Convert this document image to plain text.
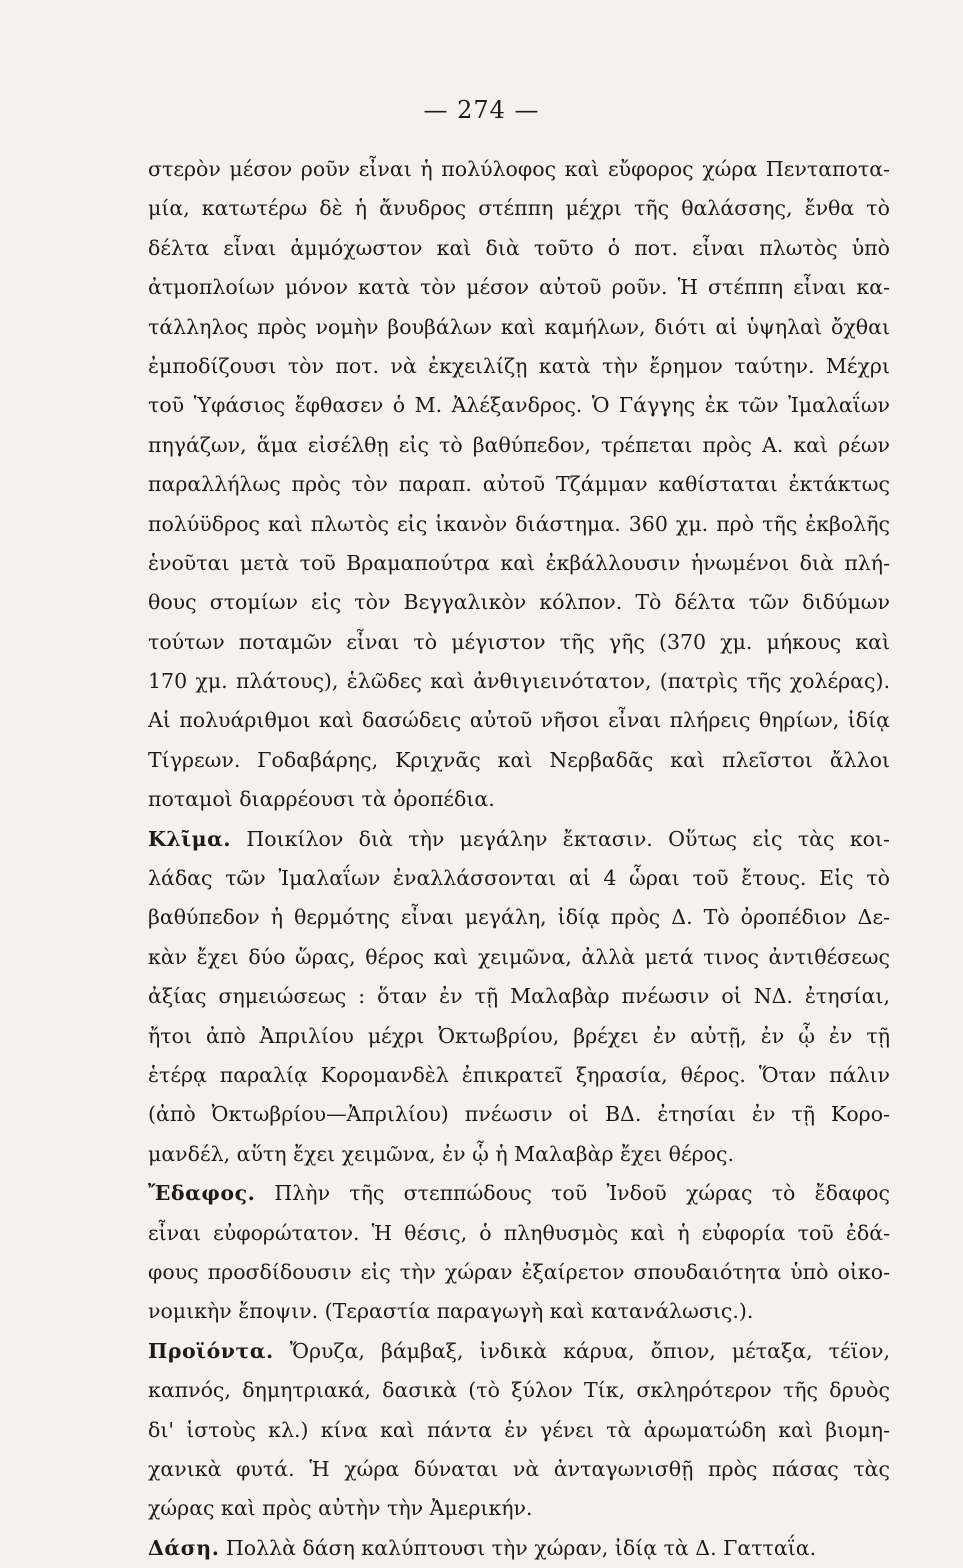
— 274 —
στερὸν μέσον ροῦν εἶναι ἡ πολύλοφος καὶ εὔφορος χώρα Πενταποτα-
μία, κατωτέρω δὲ ἡ ἄνυδρος στέππη μέχρι τῆς θαλάσσης, ἔνθα τὸ
δέλτα εἶναι ἀμμόχωστον καὶ διὰ τοῦτο ὁ ποτ. εἶναι πλωτὸς ὑπὸ
ἀτμοπλοίων μόνον κατὰ τὸν μέσον αὐτοῦ ροῦν. Ἡ στέππη εἶναι κα-
τάλληλος πρὸς νομὴν βουβάλων καὶ καμήλων, διότι αἱ ὑψηλαὶ ὄχθαι
ἐμποδίζουσι τὸν ποτ. νὰ ἐκχειλίζῃ κατὰ τὴν ἔρημον ταύτην. Μέχρι
τοῦ Ὑφάσιος ἔφθασεν ὁ Μ. Ἀλέξανδρος. Ὁ Γάγγης ἐκ τῶν Ἰμαλαΐων
πηγάζων, ἅμα εἰσέλθῃ εἰς τὸ βαθύπεδον, τρέπεται πρὸς Α. καὶ ρέων
παραλλήλως πρὸς τὸν παραπ. αὐτοῦ Τζάμμαν καθίσταται ἐκτάκτως
πολύϋδρος καὶ πλωτὸς εἰς ἱκανὸν διάστημα. 360 χμ. πρὸ τῆς ἐκβολῆς
ἑνοῦται μετὰ τοῦ Βραμαπούτρα καὶ ἐκβάλλουσιν ἡνωμένοι διὰ πλή-
θους στομίων εἰς τὸν Βεγγαλικὸν κόλπον. Τὸ δέλτα τῶν διδύμων
τούτων ποταμῶν εἶναι τὸ μέγιστον τῆς γῆς (370 χμ. μήκους καὶ
170 χμ. πλάτους), ἑλῶδες καὶ ἀνθιγιεινότατον, (πατρὶς τῆς χολέρας).
Αἱ πολυάριθμοι καὶ δασώδεις αὐτοῦ νῆσοι εἶναι πλήρεις θηρίων, ἰδίᾳ
Τίγρεων. Γοδαβάρης, Κριχνᾶς καὶ Νερβαδᾶς καὶ πλεῖστοι ἄλλοι
ποταμοὶ διαρρέουσι τὰ ὀροπέδια.
Κλῖμα. Ποικίλον διὰ τὴν μεγάλην ἔκτασιν. Οὕτως εἰς τὰς κοι-
λάδας τῶν Ἰμαλαΐων ἐναλλάσσονται αἱ 4 ὧραι τοῦ ἔτους. Εἰς τὸ
βαθύπεδον ἡ θερμότης εἶναι μεγάλη, ἰδίᾳ πρὸς Δ. Τὸ ὀροπέδιον Δε-
κὰν ἔχει δύο ὥρας, θέρος καὶ χειμῶνα, ἀλλὰ μετά τινος ἀντιθέσεως
ἀξίας σημειώσεως : ὅταν ἐν τῇ Μαλαβὰρ πνέωσιν οἱ ΝΔ. ἐτησίαι,
ἤτοι ἀπὸ Ἀπριλίου μέχρι Ὀκτωβρίου, βρέχει ἐν αὐτῇ, ἐν ᾧ ἐν τῇ
ἑτέρᾳ παραλίᾳ Κορομανδὲλ ἐπικρατεῖ ξηρασία, θέρος. Ὅταν πάλιν
(ἀπὸ Ὀκτωβρίου—Ἀπριλίου) πνέωσιν οἱ ΒΔ. ἐτησίαι ἐν τῇ Κορο-
μανδέλ, αὕτη ἔχει χειμῶνα, ἐν ᾧ ἡ Μαλαβὰρ ἔχει θέρος.
Ἔδαφος. Πλὴν τῆς στεππώδους τοῦ Ἰνδοῦ χώρας τὸ ἔδαφος
εἶναι εὐφορώτατον. Ἡ θέσις, ὁ πληθυσμὸς καὶ ἡ εὐφορία τοῦ ἐδά-
φους προσδίδουσιν εἰς τὴν χώραν ἐξαίρετον σπουδαιότητα ὑπὸ οἰκο-
νομικὴν ἔποψιν. (Τεραστία παραγωγὴ καὶ κατανάλωσις.).
Προϊόντα. Ὄρυζα, βάμβαξ, ἰνδικὰ κάρυα, ὄπιον, μέταξα, τέϊον,
καπνός, δημητριακά, δασικὰ (τὸ ξύλον Τίκ, σκληρότερον τῆς δρυὸς
δι' ἱστοὺς κλ.) κίνα καὶ πάντα ἐν γένει τὰ ἀρωματώδη καὶ βιομη-
χανικὰ φυτά. Ἡ χώρα δύναται νὰ ἀνταγωνισθῇ πρὸς πάσας τὰς
χώρας καὶ πρὸς αὐτὴν τὴν Ἀμερικήν.
Δάση. Πολλὰ δάση καλύπτουσι τὴν χώραν, ἰδίᾳ τὰ Δ. Γατταΐα.
